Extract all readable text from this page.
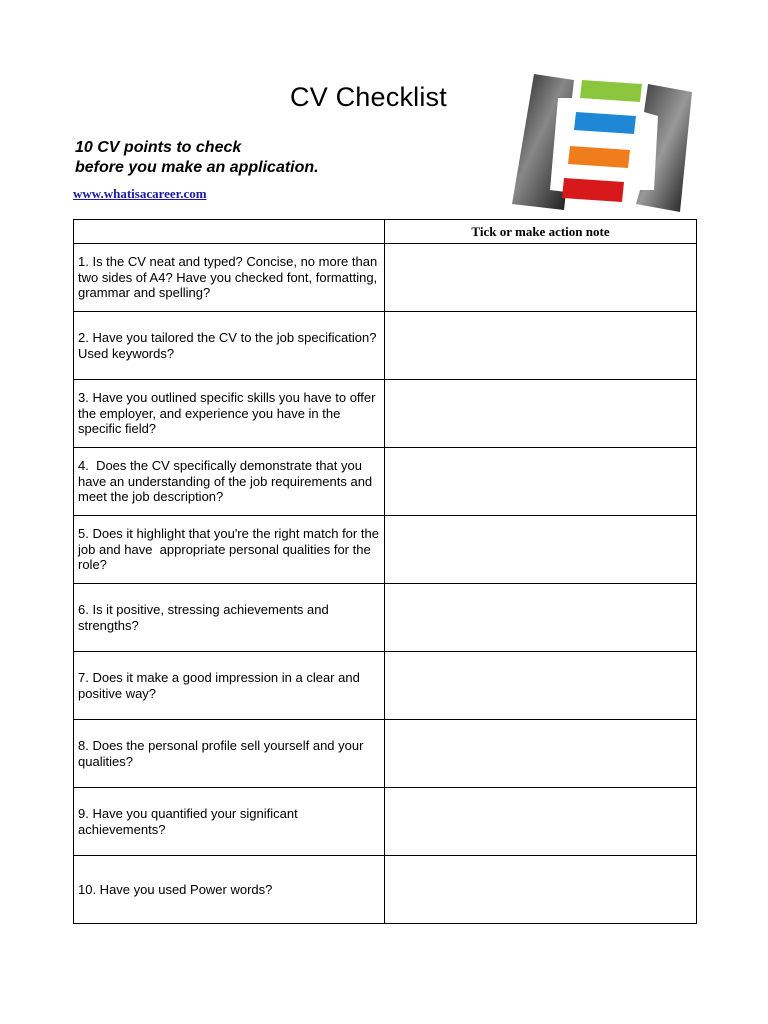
CV Checklist
10 CV points to check
before you make an application.
www.whatisacareer.com
	Tick or make action note
1. Is the CV neat and typed? Concise, no more than two sides of A4? Have you checked font, formatting, grammar and spelling?	
2. Have you tailored the CV to the job specification? Used keywords?	
3. Have you outlined specific skills you have to offer the employer, and experience you have in the specific field?	
4.  Does the CV specifically demonstrate that you have an understanding of the job requirements and meet the job description?	
5. Does it highlight that you're the right match for the job and have  appropriate personal qualities for the role?	
6. Is it positive, stressing achievements and strengths?	
7. Does it make a good impression in a clear and positive way?	
8. Does the personal profile sell yourself and your qualities?	
9. Have you quantified your significant achievements?	
10. Have you used Power words?	
